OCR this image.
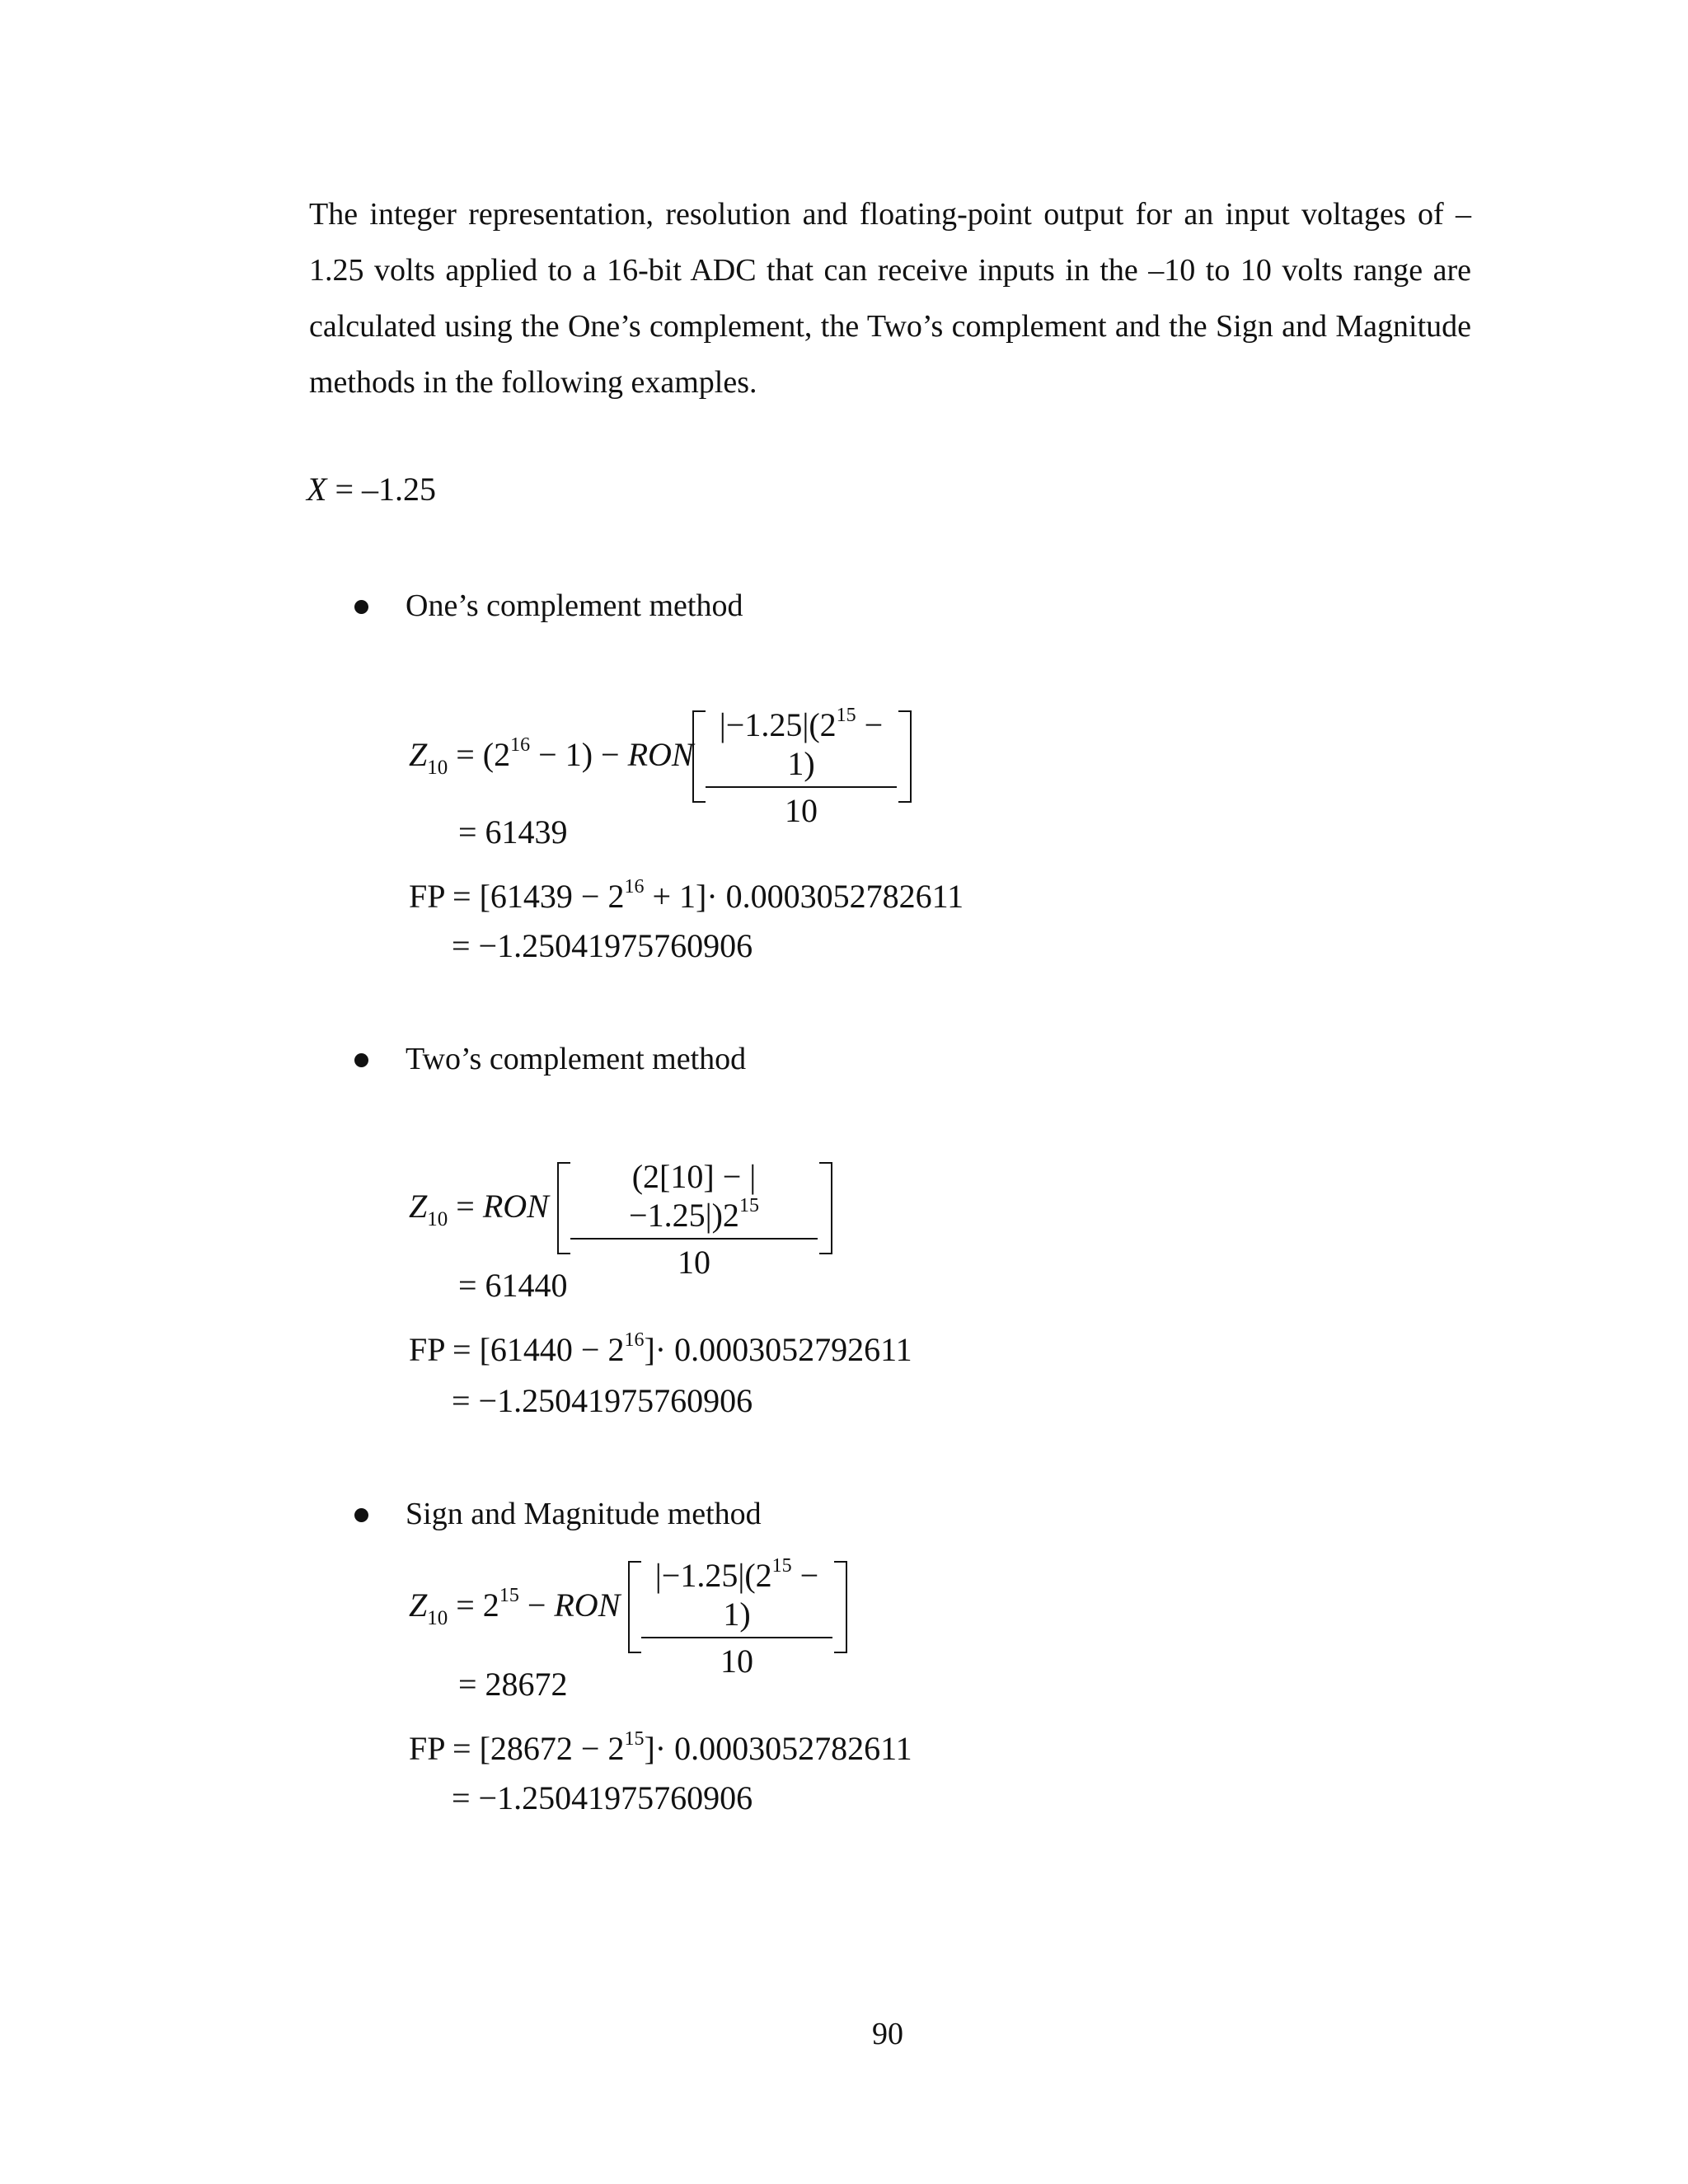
The integer representation, resolution and floating-point output for an input voltages of – 1.25 volts applied to a 16-bit ADC that can receive inputs in the –10 to 10 volts range are calculated using the One’s complement, the Two’s complement and the Sign and Magnitude methods in the following examples.
X = –1.25
One’s complement method
$Z_{10} = (2^{16} - 1)$ − RON
$|-1.25|(2^{15} - 1)$
10
= 61439
FP = $[61439 - 2^{16} + 1]\cdot 0.0003052782611$
= −1.25041975760906
Two’s complement method
$Z_{10}$ = RON
$(2[10] - |-1.25|)2^{15}$
10
= 61440
FP = $[61440 - 2^{16}]\cdot 0.0003052792611$
= −1.25041975760906
Sign and Magnitude method
$Z_{10} = 2^{15}$ − RON
$|-1.25|(2^{15} - 1)$
10
= 28672
FP = $[28672 - 2^{15}]\cdot 0.0003052782611$
= −1.25041975760906
90
